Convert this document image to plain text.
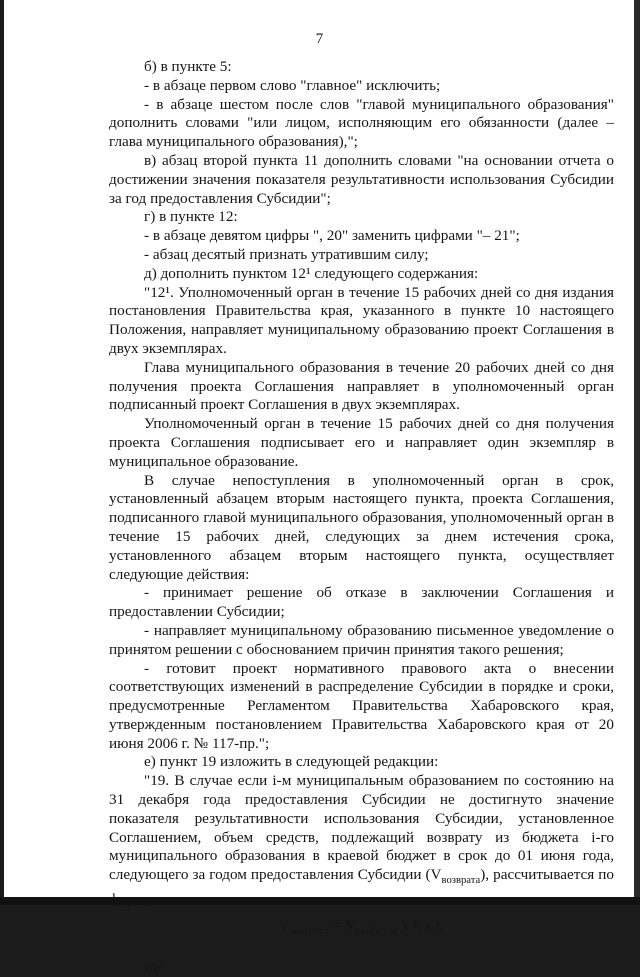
7

б) в пункте 5:

- в абзаце первом слово "главное" исключить;

- в абзаце шестом после слов "главой муниципального образования" дополнить словами "или лицом, исполняющим его обязанности (далее – глава муниципального образования),";

в) абзац второй пункта 11 дополнить словами "на основании отчета о достижении значения показателя результативности использования Субсидии за год предоставления Субсидии";

г) в пункте 12:

- в абзаце девятом цифры ", 20" заменить цифрами "– 21";

- абзац десятый признать утратившим силу;

д) дополнить пунктом 12¹ следующего содержания:

"12¹. Уполномоченный орган в течение 15 рабочих дней со дня издания постановления Правительства края, указанного в пункте 10 настоящего Положения, направляет муниципальному образованию проект Соглашения в двух экземплярах.

Глава муниципального образования в течение 20 рабочих дней со дня получения проекта Соглашения направляет в уполномоченный орган подписанный проект Соглашения в двух экземплярах.

Уполномоченный орган в течение 15 рабочих дней со дня получения проекта Соглашения подписывает его и направляет один экземпляр в муниципальное образование.

В случае непоступления в уполномоченный орган в срок, установленный абзацем вторым настоящего пункта, проекта Соглашения, подписанного главой муниципального образования, уполномоченный орган в течение 15 рабочих дней, следующих за днем истечения срока, установленного абзацем вторым настоящего пункта, осуществляет следующие действия:

- принимает решение об отказе в заключении Соглашения и предоставлении Субсидии;

- направляет муниципальному образованию письменное уведомление о принятом решении с обоснованием причин принятия такого решения;

- готовит проект нормативного правового акта о внесении соответствующих изменений в распределение Субсидии в порядке и сроки, предусмотренные Регламентом Правительства Хабаровского края, утвержденным постановлением Правительства Хабаровского края от 20 июня 2006 г. № 117-пр.";

е) пункт 19 изложить в следующей редакции:

"19. В случае если i-м муниципальным образованием по состоянию на 31 декабря года предоставления Субсидии не достигнуто значение показателя результативности использования Субсидии, установленное Соглашением, объем средств, подлежащий возврату из бюджета i-го муниципального образования в краевой бюджет в срок до 01 июня года, следующего за годом предоставления Субсидии $(V_{возврата})$, рассчитывается по

$V_{возврата} = V_{субсидии}$ x k x r,

где:
